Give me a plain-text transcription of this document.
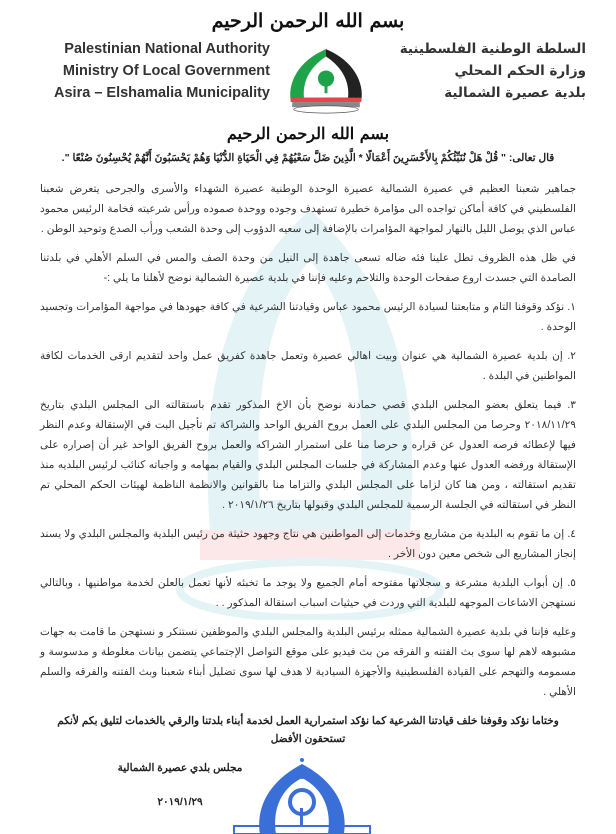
بسم الله الرحمن الرحيم
Palestinian National Authority
Ministry Of Local Government
Asira – Elshamalia Municipality
السلطة الوطنية الفلسطينية
وزارة الحكم المحلي
بلدية عصيرة الشمالية
بسم الله الرحمن الرحيم
قال تعالى: " قُلْ هَلْ نُنَبِّئُكُمْ بِالأَخْسَرِينَ أَعْمَالًا * الَّذِينَ ضَلَّ سَعْيُهُمْ فِي الْحَيَاةِ الدُّنْيَا وَهُمْ يَحْسَبُونَ أَنَّهُمْ يُحْسِنُونَ صُنْعًا ".

جماهير شعبنا العظيم في عصيرة الشمالية عصيرة الوحدة الوطنية عصيرة الشهداء والأسرى والجرحى يتعرض شعبنا الفلسطيني في كافة أماكن تواجده الى مؤامرة خطيرة تستهدف وجوده ووحدة صموده ورأس شرعيته فخامة الرئيس محمود عباس الذي يوصل الليل بالنهار لمواجهة المؤامرات بالإضافة إلى سعيه الدؤوب إلى وحدة الشعب ورأب الصدع وتوحيد الوطن .

في ظل هذه الظروف تطل علينا فئه ضاله تسعى جاهدة إلى النيل من وحدة الصف والمس في السلم الأهلي في بلدتنا الصامدة التي جسدت اروع صفحات الوحدة والتلاحم وعليه فإننا في بلدية عصيرة الشمالية نوضح لأهلنا ما يلي :-

١. نؤكد وقوفنا التام و متابعتنا لسيادة الرئيس محمود عباس وقيادتنا الشرعية في كافة جهودها في مواجهة المؤامرات وتجسيد الوحدة .

٢. إن بلدية عصيرة الشمالية هي عنوان وبيت اهالي عصيرة وتعمل جاهدة كفريق عمل واحد لتقديم ارقى الخدمات لكافة المواطنين في البلدة .

٣. فيما يتعلق بعضو المجلس البلدي قصي حمادنة نوضح بأن الاخ المذكور تقدم باستقالته الى المجلس البلدي بتاريخ ٢٠١٨/١١/٢٩ وحرصا من المجلس البلدي على العمل بروح الفريق الواحد والشراكة تم تأجيل البت في الإستقالة وعدم النظر فيها لإعطائه فرصه العدول عن قراره و حرصا منا على استمرار الشراكه والعمل بروح الفريق الواحد غير أن إصراره على الإستقالة ورفضه العدول عنها وعدم المشاركة في جلسات المجلس البلدي والقيام بمهامه و واجباته كنائب لرئيس البلديه منذ تقديم استقالته ، ومن هنا كان لزاما على المجلس البلدي والتزاما منا بالقوانين والانظمة الناظمة لهيئات الحكم المحلي تم النظر في استقالته في الجلسة الرسمية للمجلس البلدي وقبولها بتاريخ ٢٠١٩/١/٢٦ .

٤. إن ما تقوم به البلدية من مشاريع وخدمات إلى المواطنين هي نتاج وجهود حثيثة من رئيس البلدية والمجلس البلدي ولا يسند إنجاز المشاريع الى شخص معين دون الأخر .

٥. إن أبواب البلدية مشرعة و سجلاتها مفتوحه أمام الجميع ولا يوجد ما تخبئه لأنها تعمل بالعلن لخدمة مواطنيها ، وبالتالي نستهجن الاشاعات الموجهه للبلدية التي وردت في حيثيات اسباب استقالة المذكور . .

وعليه فإننا في بلدية عصيرة الشمالية ممثله برئيس البلدية والمجلس البلدي والموظفين نستنكر و نستهجن ما قامت به جهات مشبوهه لاهم لها سوى بث الفتنه و الفرقه من بث فيديو على موقع التواصل الإجتماعي يتضمن بيانات مغلوطة و مدسوسة و مسمومه والتهجم على القيادة الفلسطينية والأجهزة السيادية لا هدف لها سوى تضليل أبناء شعبنا وبث الفتنه والفرقه والسلم الأهلي .

وختاما نؤكد وقوفنا خلف قيادتنا الشرعية كما نؤكد استمرارية العمل لخدمة أبناء بلدتنا والرقي بالخدمات لتليق بكم لأنكم تستحقون الأفضل
مجلس بلدي عصيرة الشمالية
٢٠١٩/١/٢٩
